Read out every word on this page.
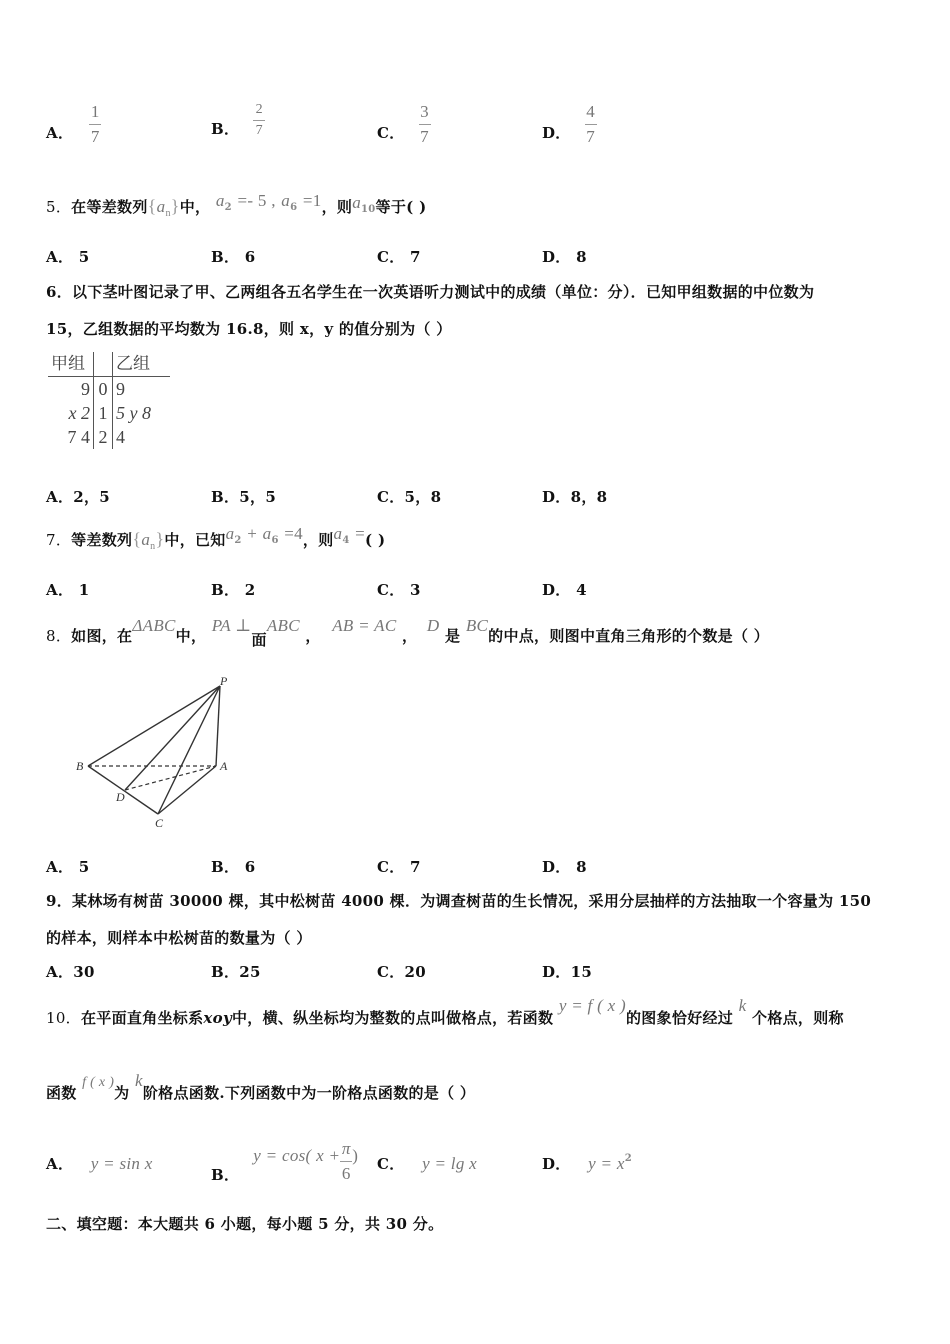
A． $\frac{1}{7}$	B． $\frac{2}{7}$	C． $\frac{3}{7}$	D． $\frac{4}{7}$
5．在等差数列$\{a_n\}$中， $a_2 =- 5$ , $a_6 =1$，则$a_{10}$等于( )
A． 5	B． 6	C． 7	D． 8
6．以下茎叶图记录了甲、乙两组各五名学生在一次英语听力测试中的成绩（单位：分）．已知甲组数据的中位数为
15，乙组数据的平均数为 16.8，则 x，y 的值分别为（ ）
甲组		乙组
9	0	9
x 2	1	5 y 8
7 4	2	4
A．2，5	B．5，5	C．5，8	D．8，8
7．等差数列$\{a_n\}$中，已知$a_2 + a_6 =4$，则$a_4$ =( )
A． 1	B． 2	C． 3	D． 4
8．如图，在ΔABC中， PA ⊥面ABC ， AB = AC ， D 是 BC的中点，则图中直角三角形的个数是（ ）
P
A
B
D
C
A． 5	B． 6	C． 7	D． 8
9．某林场有树苗 30000 棵，其中松树苗 4000 棵．为调查树苗的生长情况，采用分层抽样的方法抽取一个容量为 150
的样本，则样本中松树苗的数量为（ ）
A．30	B．25	C．20	D．15
10．在平面直角坐标系xoy中，横、纵坐标均为整数的点叫做格点，若函数 y = f ( x )的图象恰好经过 k 个格点，则称
函数 f ( x )为 k阶格点函数.下列函数中为一阶格点函数的是（ ）
A． y = sin x
B．
y = cos( $x + \frac{\pi}{6}$ ) C． y = lg x	D． $y = x^2$
二、填空题：本大题共 6 小题，每小题 5 分，共 30 分。
